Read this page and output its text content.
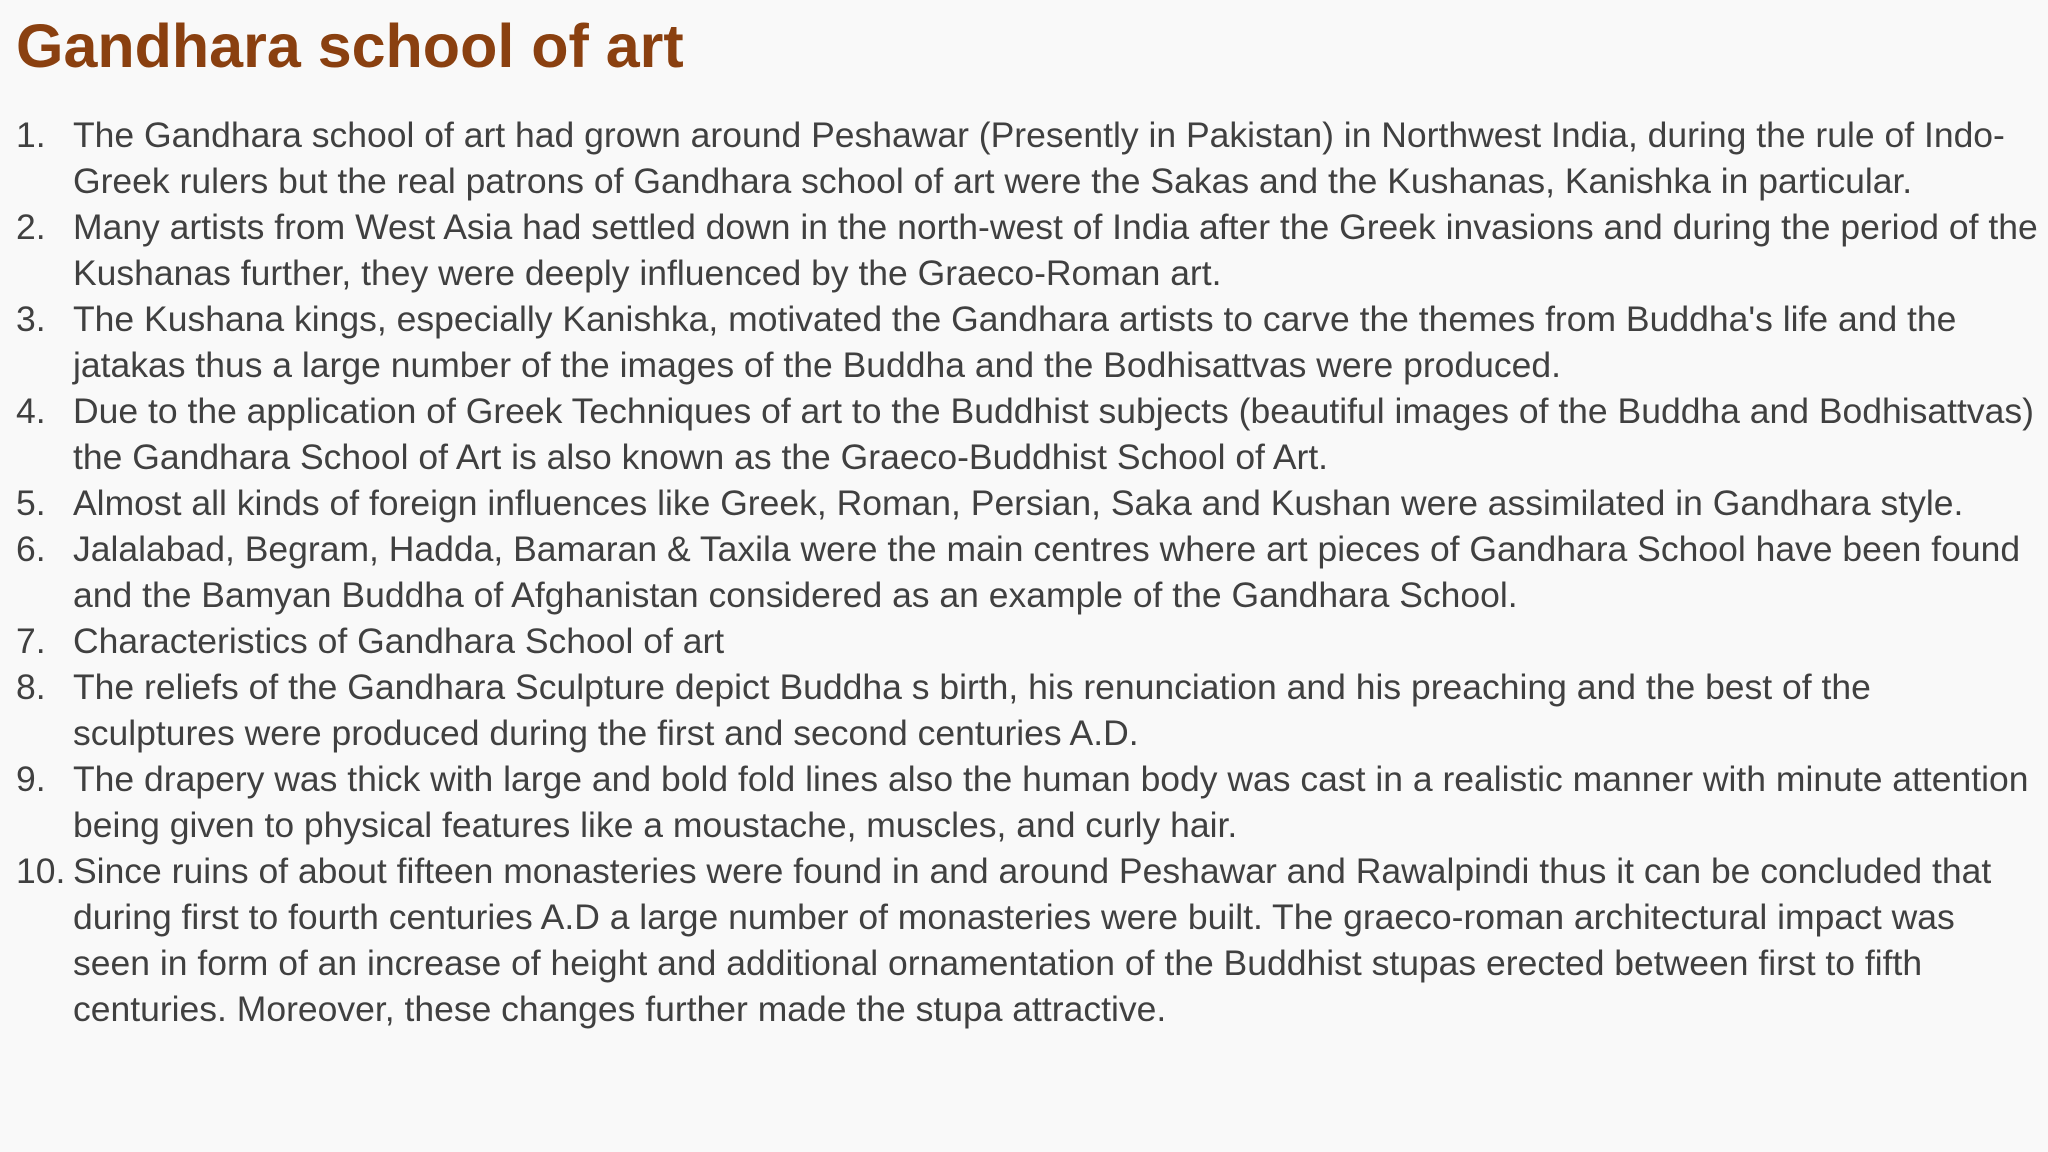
Gandhara school of art
1. The Gandhara school of art had grown around Peshawar (Presently in Pakistan) in Northwest India, during the rule of Indo-Greek rulers but the real patrons of Gandhara school of art were the Sakas and the Kushanas, Kanishka in particular.
2. Many artists from West Asia had settled down in the north-west of India after the Greek invasions and during the period of the Kushanas further, they were deeply influenced by the Graeco-Roman art.
3. The Kushana kings, especially Kanishka, motivated the Gandhara artists to carve the themes from Buddha's life and the jatakas thus a large number of the images of the Buddha and the Bodhisattvas were produced.
4. Due to the application of Greek Techniques of art to the Buddhist subjects (beautiful images of the Buddha and Bodhisattvas) the Gandhara School of Art is also known as the Graeco-Buddhist School of Art.
5. Almost all kinds of foreign influences like Greek, Roman, Persian, Saka and Kushan were assimilated in Gandhara style.
6. Jalalabad, Begram, Hadda, Bamaran & Taxila were the main centres where art pieces of Gandhara School have been found and the Bamyan Buddha of Afghanistan considered as an example of the Gandhara School.
7. Characteristics of Gandhara School of art
8. The reliefs of the Gandhara Sculpture depict Buddha s birth, his renunciation and his preaching and the best of the sculptures were produced during the first and second centuries A.D.
9. The drapery was thick with large and bold fold lines also the human body was cast in a realistic manner with minute attention being given to physical features like a moustache, muscles, and curly hair.
10. Since ruins of about fifteen monasteries were found in and around Peshawar and Rawalpindi thus it can be concluded that during first to fourth centuries A.D a large number of monasteries were built. The graeco-roman architectural impact was seen in form of an increase of height and additional ornamentation of the Buddhist stupas erected between first to fifth centuries. Moreover, these changes further made the stupa attractive.
